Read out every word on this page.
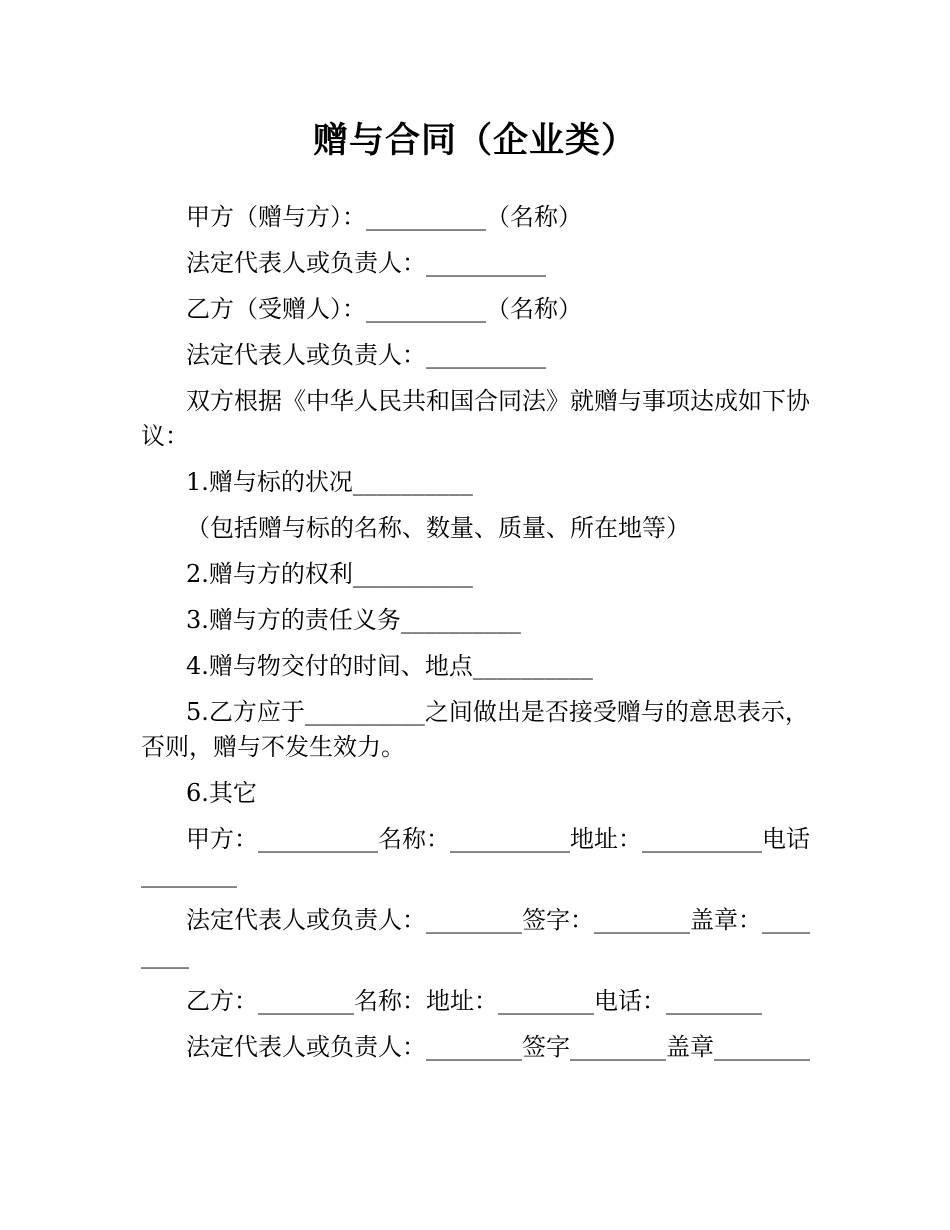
赠与合同（企业类）

甲方（赠与方）：__________（名称）

法定代表人或负责人：__________

乙方（受赠人）：__________（名称）

法定代表人或负责人：__________

双方根据《中华人民共和国合同法》就赠与事项达成如下协议：

1.赠与标的状况__________

（包括赠与标的名称、数量、质量、所在地等）

2.赠与方的权利__________

3.赠与方的责任义务__________

4.赠与物交付的时间、地点__________

5.乙方应于__________之间做出是否接受赠与的意思表示，否则，赠与不发生效力。

6.其它

甲方：__________名称：__________地址：__________电话________

法定代表人或负责人：________签字：________盖章：________

乙方：________名称：地址：________电话：________

法定代表人或负责人：________签字________盖章________
